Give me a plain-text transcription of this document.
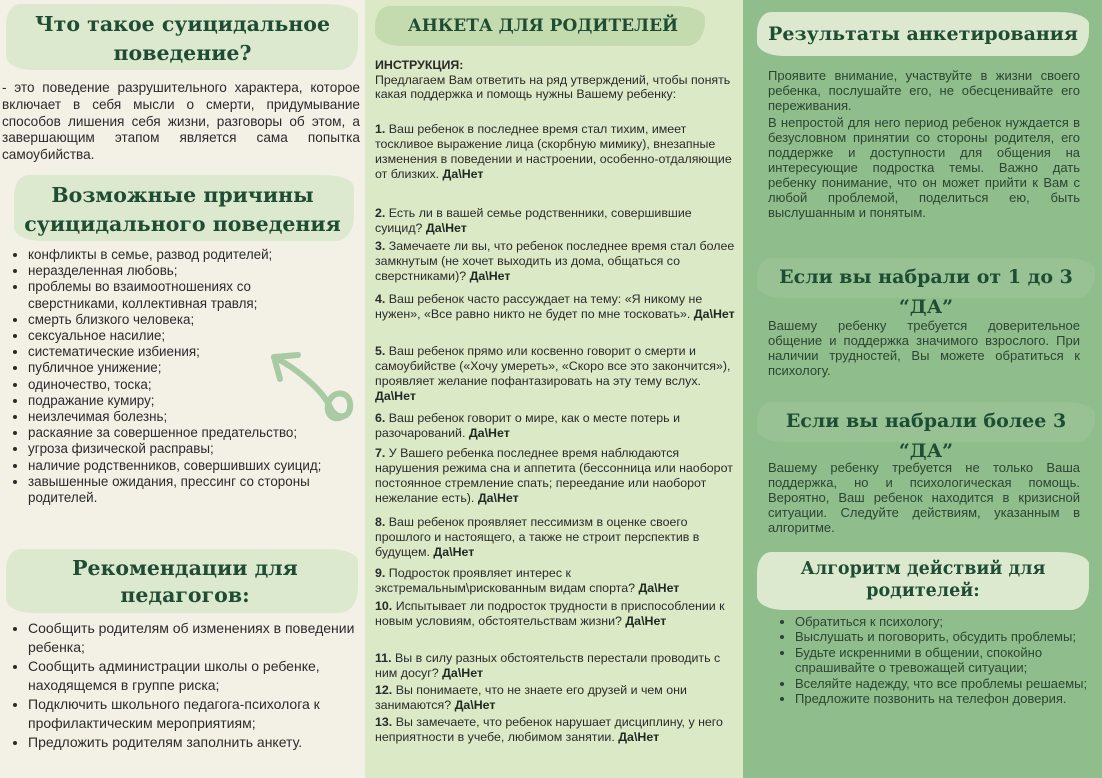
Что такое суицидальное поведение?

- это поведение разрушительного характера, которое включает в себя мысли о смерти, придумывание способов лишения себя жизни, разговоры об этом, а завершающим этапом является сама попытка самоубийства.

Возможные причины суицидального поведения
• конфликты в семье, развод родителей;
• неразделенная любовь;
• проблемы во взаимоотношениях со сверстниками, коллективная травля;
• смерть близкого человека;
• сексуальное насилие;
• систематические избиения;
• публичное унижение;
• одиночество, тоска;
• подражание кумиру;
• неизлечимая болезнь;
• раскаяние за совершенное предательство;
• угроза физической расправы;
• наличие родственников, совершивших суицид;
• завышенные ожидания, прессинг со стороны родителей.
Рекомендации для педагогов:
• Сообщить родителям об изменениях в поведении ребенка;
• Сообщить администрации школы о ребенке, находящемся в группе риска;
• Подключить школьного педагога-психолога к профилактическим мероприятиям;
• Предложить родителям заполнить анкету.
АНКЕТА ДЛЯ РОДИТЕЛЕЙ

ИНСТРУКЦИЯ:

Предлагаем Вам ответить на ряд утверждений, чтобы понять какая поддержка и помощь нужны Вашему ребенку:

1. Ваш ребенок в последнее время стал тихим, имеет тоскливое выражение лица (скорбную мимику), внезапные изменения в поведении и настроении, особенно-отдаляющие от близких. Да\Нет

2. Есть ли в вашей семье родственники, совершившие суицид? Да\Нет

3. Замечаете ли вы, что ребенок последнее время стал более замкнутым (не хочет выходить из дома, общаться со сверстниками)? Да\Нет

4. Ваш ребенок часто рассуждает на тему: «Я никому не нужен», «Все равно никто не будет по мне тосковать». Да\Нет

5. Ваш ребенок прямо или косвенно говорит о смерти и самоубийстве («Хочу умереть», «Скоро все это закончится»), проявляет желание пофантазировать на эту тему вслух. Да\Нет

6. Ваш ребенок говорит о мире, как о месте потерь и разочарований. Да\Нет

7. У Вашего ребенка последнее время наблюдаются нарушения режима сна и аппетита (бессонница или наоборот постоянное стремление спать; переедание или наоборот нежелание есть). Да\Нет

8. Ваш ребенок проявляет пессимизм в оценке своего прошлого и настоящего, а также не строит перспектив в будущем. Да\Нет

9. Подросток проявляет интерес к экстремальным\рискованным видам спорта? Да\Нет

10. Испытывает ли подросток трудности в приспособлении к новым условиям, обстоятельствам жизни? Да\Нет

11. Вы в силу разных обстоятельств перестали проводить с ним досуг? Да\Нет

12. Вы понимаете, что не знаете его друзей и чем они занимаются? Да\Нет

13. Вы замечаете, что ребенок нарушает дисциплину, у него неприятности в учебе, любимом занятии. Да\Нет

Результаты анкетирования

Проявите внимание, участвуйте в жизни своего ребенка, послушайте его, не обесценивайте его переживания.

В непростой для него период ребенок нуждается в безусловном принятии со стороны родителя, его поддержке и доступности для общения на интересующие подростка темы. Важно дать ребенку понимание, что он может прийти к Вам с любой проблемой, поделиться ею, быть выслушанным и понятым.

Если вы набрали от 1 до 3 “ДА”

Вашему ребенку требуется доверительное общение и поддержка значимого взрослого. При наличии трудностей, Вы можете обратиться к психологу.

Если вы набрали более 3 “ДА”

Вашему ребенку требуется не только Ваша поддержка, но и психологическая помощь. Вероятно, Ваш ребенок находится в кризисной ситуации. Следуйте действиям, указанным в алгоритме.

Алгоритм действий для родителей:
• Обратиться к психологу;
• Выслушать и поговорить, обсудить проблемы;
• Будьте искренними в общении, спокойно спрашивайте о тревожащей ситуации;
• Вселяйте надежду, что все проблемы решаемы;
• Предложите позвонить на телефон доверия.
